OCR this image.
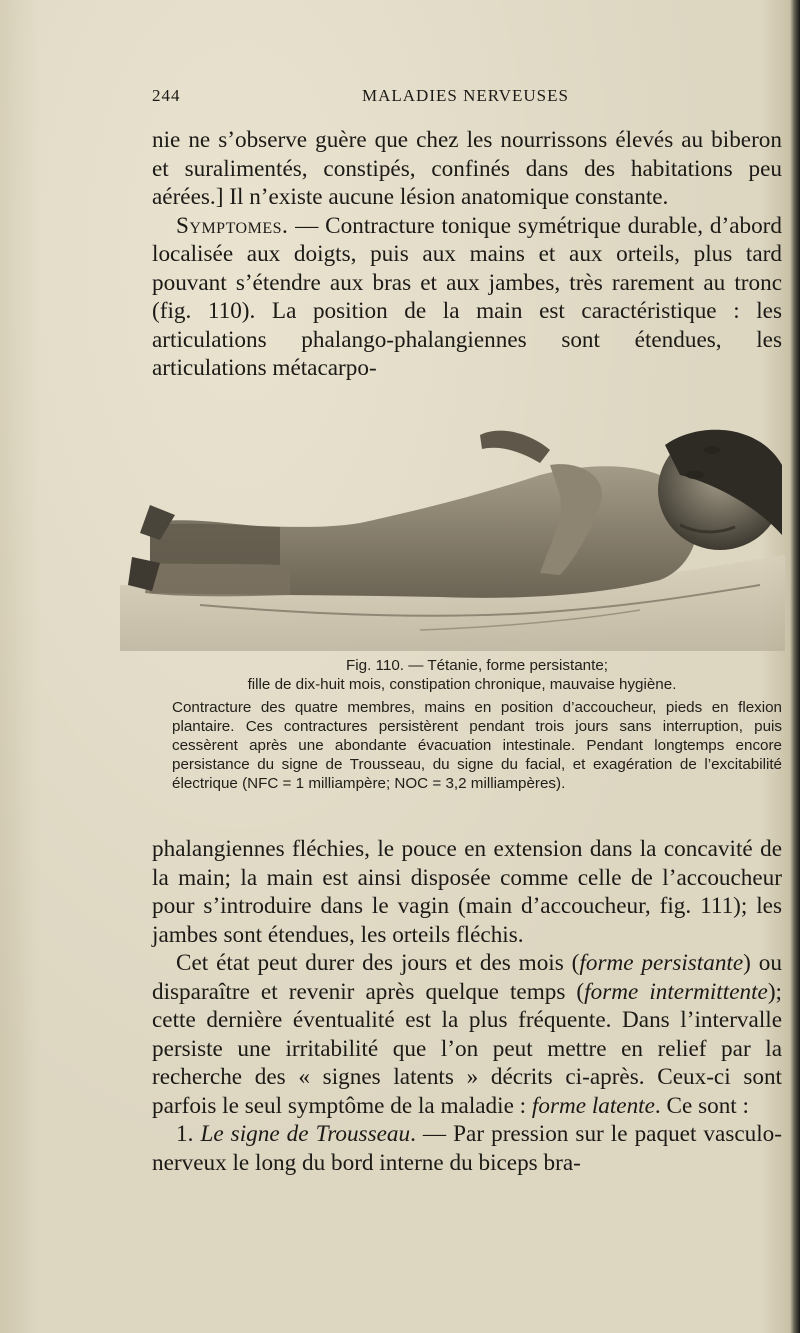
244	MALADIES NERVEUSES

nie ne s’observe guère que chez les nourrissons élevés au biberon et suralimentés, constipés, confinés dans des habitations peu aérées.] Il n’existe aucune lésion anatomique constante.

Symptomes. — Contracture tonique symétrique durable, d’abord localisée aux doigts, puis aux mains et aux orteils, plus tard pouvant s’étendre aux bras et aux jambes, très rarement au tronc (fig. 110). La position de la main est caractéristique : les articulations phalango-phalangiennes sont étendues, les articulations métacarpo-

Fig. 110. — Tétanie, forme persistante;

fille de dix-huit mois, constipation chronique, mauvaise hygiène.

Contracture des quatre membres, mains en position d’accoucheur, pieds en flexion plantaire. Ces contractures persistèrent pendant trois jours sans interruption, puis cessèrent après une abondante évacuation intestinale. Pendant longtemps encore persistance du signe de Trousseau, du signe du facial, et exagération de l’excitabilité électrique (NFC = 1 milliampère; NOC = 3,2 milliampères).

phalangiennes fléchies, le pouce en extension dans la concavité de la main; la main est ainsi disposée comme celle de l’accoucheur pour s’introduire dans le vagin (main d’accoucheur, fig. 111); les jambes sont étendues, les orteils fléchis.

Cet état peut durer des jours et des mois (forme persistante) ou disparaître et revenir après quelque temps (forme intermittente); cette dernière éventualité est la plus fréquente. Dans l’intervalle persiste une irritabilité que l’on peut mettre en relief par la recherche des « signes latents » décrits ci-après. Ceux-ci sont parfois le seul symptôme de la maladie : forme latente. Ce sont :

1. Le signe de Trousseau. — Par pression sur le paquet vasculo-nerveux le long du bord interne du biceps bra-
